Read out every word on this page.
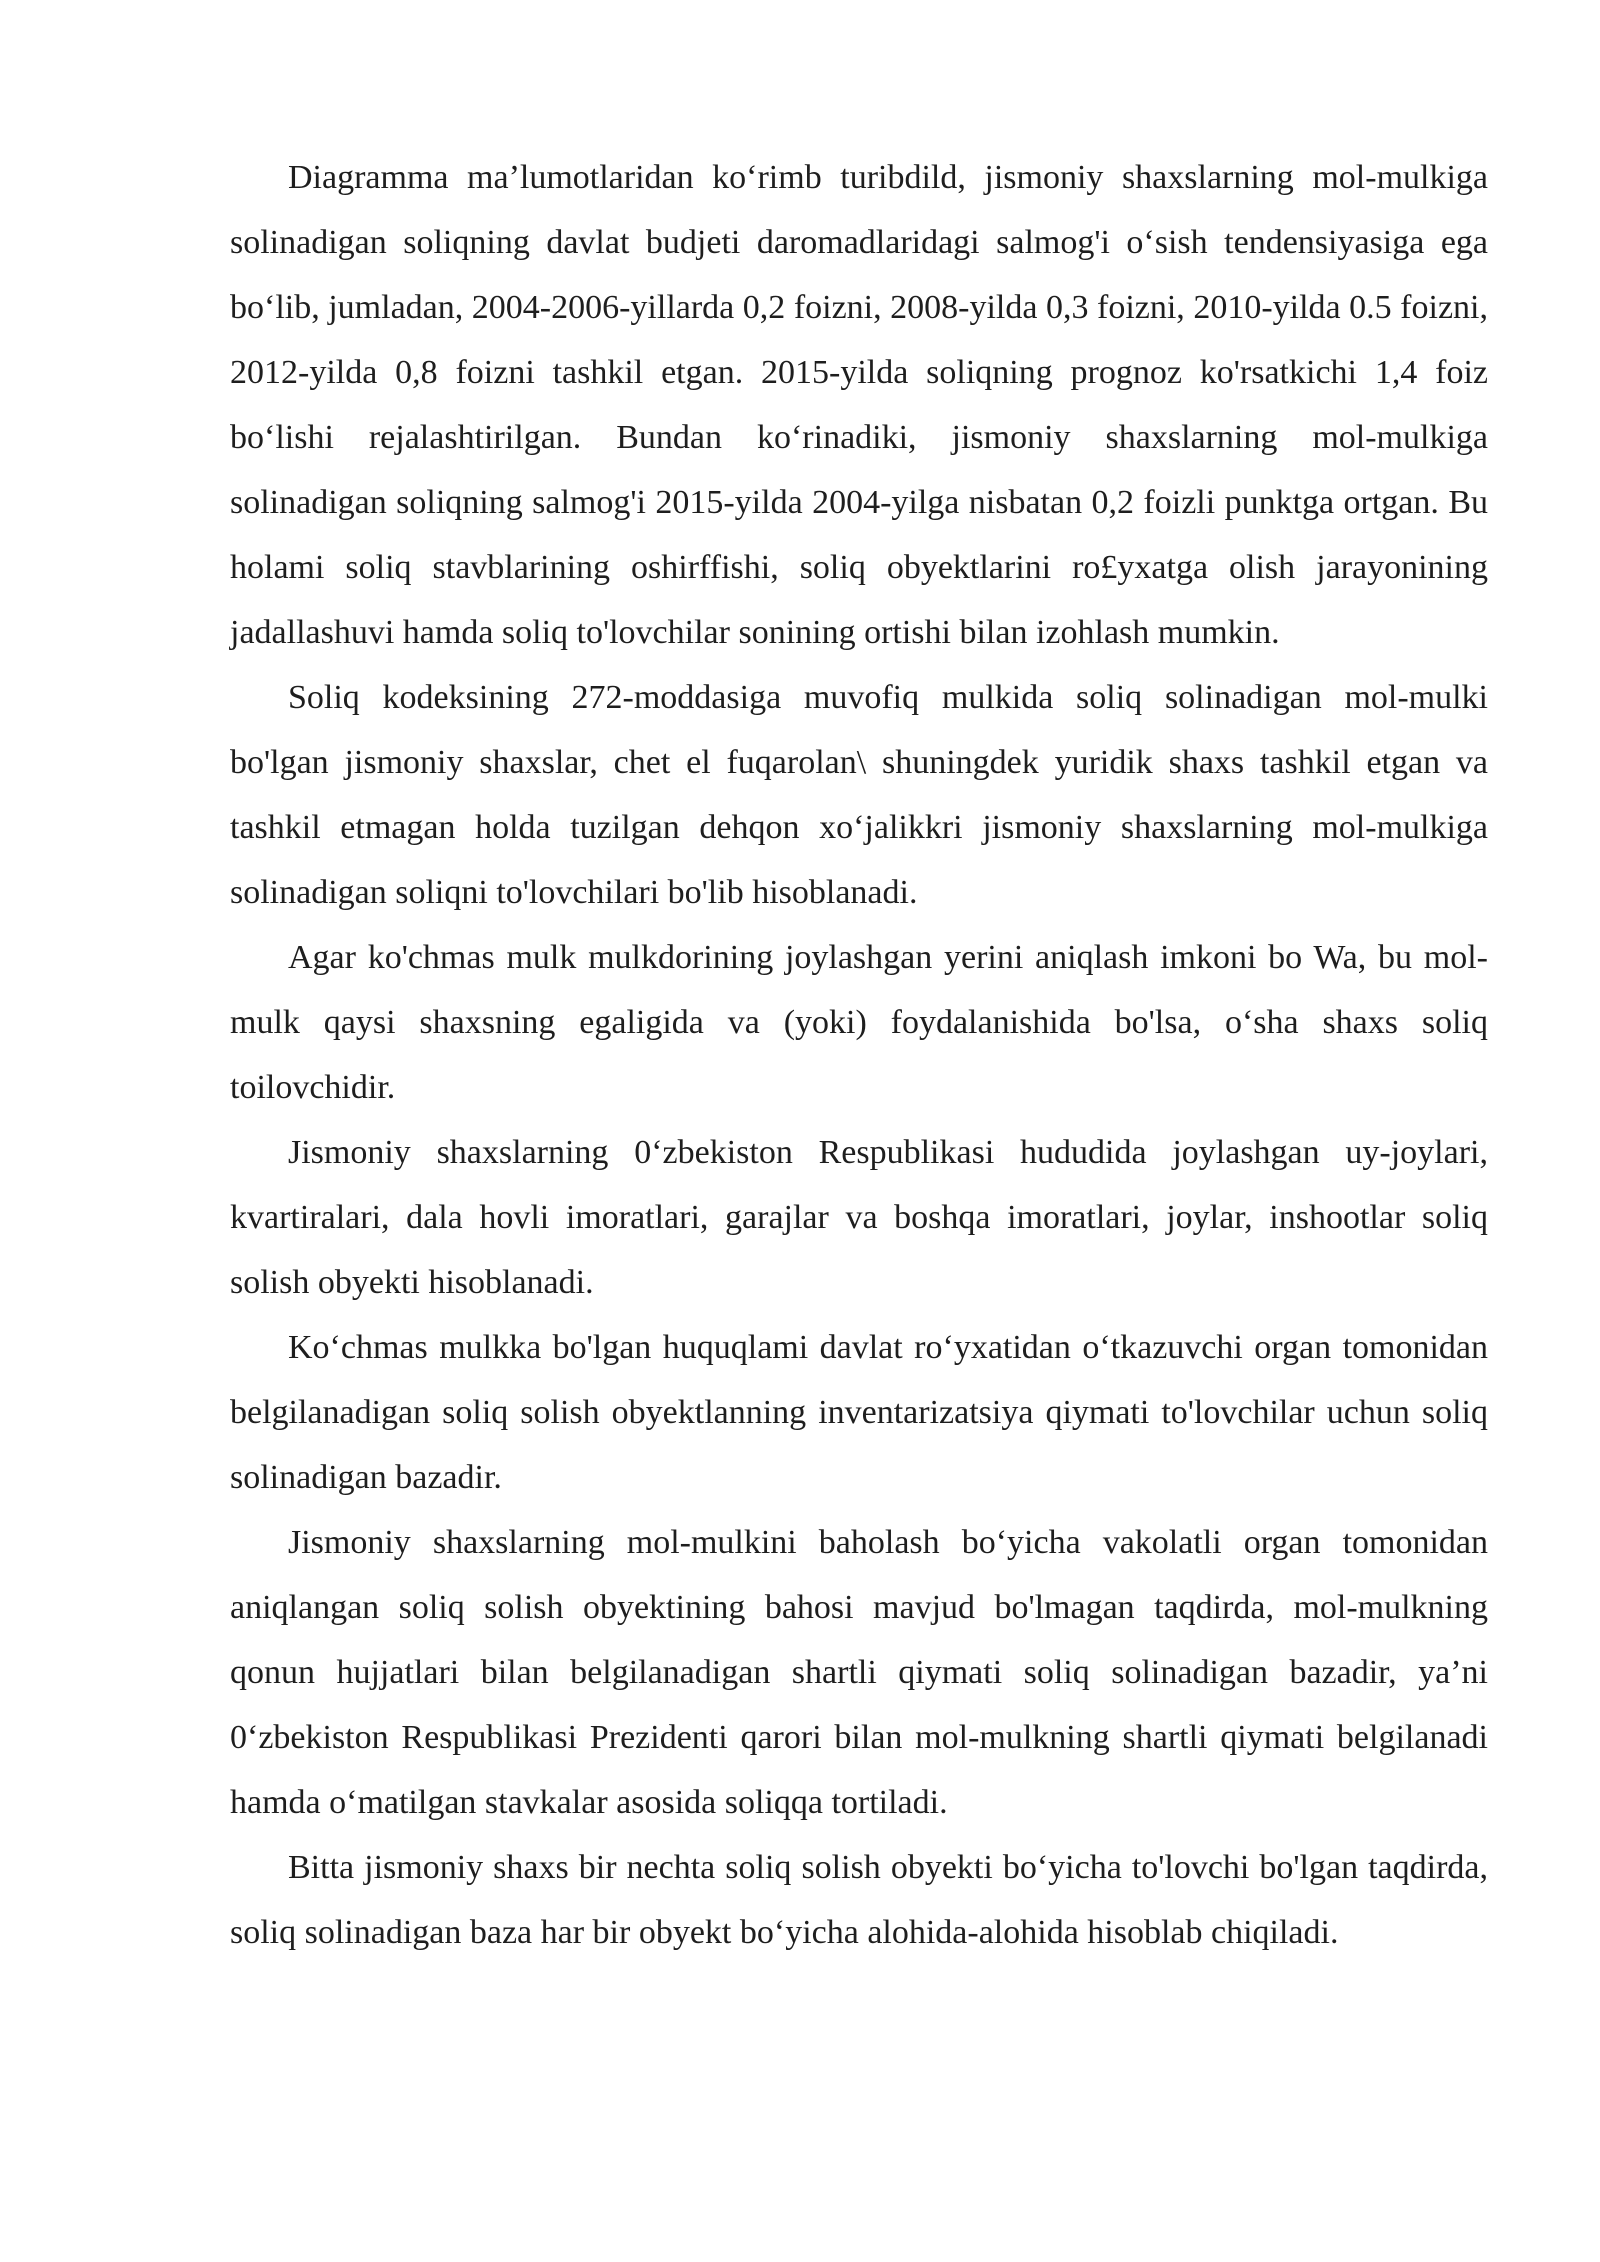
Diagramma ma’lumotlaridan ko‘rimb turibdild, jismoniy shaxslarning mol-mulkiga solinadigan soliqning davlat budjeti daromadlaridagi salmog'i o‘sish tendensiyasiga ega bo‘lib, jumladan, 2004-2006-yillarda 0,2 foizni, 2008-yilda 0,3 foizni, 2010-yilda 0.5 foizni, 2012-yilda 0,8 foizni tashkil etgan. 2015-yilda soliqning prognoz ko'rsatkichi 1,4 foiz bo‘lishi rejalashtirilgan. Bundan ko‘rinadiki, jismoniy shaxslarning mol-mulkiga solinadigan soliqning salmog'i 2015-yilda 2004-yilga nisbatan 0,2 foizli punktga ortgan. Bu holami soliq stavblarining oshirffishi, soliq obyektlarini ro£yxatga olish jarayonining jadallashuvi hamda soliq to'lovchilar sonining ortishi bilan izohlash mumkin.

Soliq kodeksining 272-moddasiga muvofiq mulkida soliq solinadigan mol-mulki bo'lgan jismoniy shaxslar, chet el fuqarolan\ shuningdek yuridik shaxs tashkil etgan va tashkil etmagan holda tuzilgan dehqon xo‘jalikkri jismoniy shaxslarning mol-mulkiga solinadigan soliqni to'lovchilari bo'lib hisoblanadi.

Agar ko'chmas mulk mulkdorining joylashgan yerini aniqlash imkoni bo Wa, bu mol-mulk qaysi shaxsning egaligida va (yoki) foydalanishida bo'lsa, o‘sha shaxs soliq toilovchidir.

Jismoniy shaxslarning 0‘zbekiston Respublikasi hududida joylashgan uy-joylari, kvartiralari, dala hovli imoratlari, garajlar va boshqa imoratlari, joylar, inshootlar soliq solish obyekti hisoblanadi.

Ko‘chmas mulkka bo'lgan huquqlami davlat ro‘yxatidan o‘tkazuvchi organ tomonidan belgilanadigan soliq solish obyektlanning inventarizatsiya qiymati to'lovchilar uchun soliq solinadigan bazadir.

Jismoniy shaxslarning mol-mulkini baholash bo‘yicha vakolatli organ tomonidan aniqlangan soliq solish obyektining bahosi mavjud bo'lmagan taqdirda, mol-mulkning qonun hujjatlari bilan belgilanadigan shartli qiymati soliq solinadigan bazadir, ya’ni 0‘zbekiston Respublikasi Prezidenti qarori bilan mol-mulkning shartli qiymati belgilanadi hamda o‘matilgan stavkalar asosida soliqqa tortiladi.

Bitta jismoniy shaxs bir nechta soliq solish obyekti bo‘yicha to'lovchi bo'lgan taqdirda, soliq solinadigan baza har bir obyekt bo‘yicha alohida-alohida hisoblab chiqiladi.
